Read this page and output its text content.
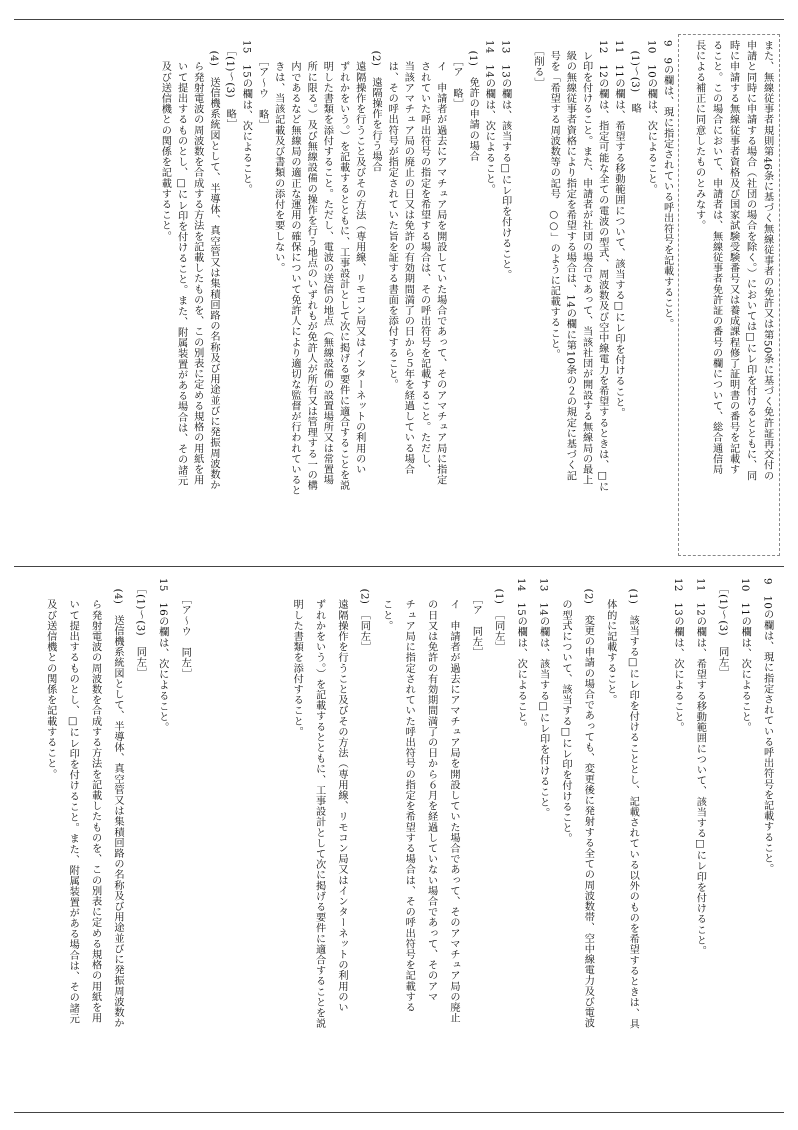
また、無線従事者規則第46条に基づく無線従事者の免許又は第50条に基づく免許証再交付の
申請と同時に申請する場合（社団の場合を除く。）においては□にレ印を付けるとともに、同
時に申請する無線従事者資格及び国家試験受験番号又は養成課程修了証明書の番号を記載す
ること。この場合において、申請者は、無線従事者免許証の番号の欄について、総合通信局
長による補正に同意したものとみなす。
9　9の欄は、現に指定されている呼出符号を記載すること。
10　10の欄は、次によること。
　(1)～(3)　略
11　11の欄は、希望する移動範囲について、該当する□にレ印を付けること。
12　12の欄は、指定可能な全ての電波の型式、周波数及び空中線電力を希望するときは、□に
　レ印を付けること。また、申請者が社団の場合であって、当該社団が開設する無線局の最上
　級の無線従事者資格により指定を希望する場合は、14の欄に第10条の２の規定に基づく記
　号を「希望する周波数等の記号　○○」のように記載すること。
　［削る］
13　13の欄は、該当する□にレ印を付けること。
14　14の欄は、次によること。
　(1)　免許の申請の場合
　　［ア　略］
　　イ　申請者が過去にアマチュア局を開設していた場合であって、そのアマチュア局に指定
　　されていた呼出符号の指定を希望する場合は、その呼出符号を記載すること。ただし、
　　当該アマチュア局の廃止の日又は免許の有効期間満了の日から５年を経過している場合
　　は、その呼出符号が指定されていた旨を証する書面を添付すること。
　(2)　遠隔操作を行う場合
　　遠隔操作を行うこと及びその方法（専用線、リモコン局又はインターネットの利用のい
　　ずれかをいう。）を記載するとともに、工事設計として次に掲げる要件に適合することを説
　　明した書類を添付すること。ただし、電波の送信の地点（無線設備の設置場所又は常置場
　　所に限る。）及び無線設備の操作を行う地点のいずれもが免許人が所有又は管理する一の構
　　内であるなど無線局の適正な運用の確保について免許人により適切な監督が行われていると
　　きは、当該記載及び書類の添付を要しない。
　　［ア～ウ　略］
15　15の欄は、次によること。
　［(1)～(3)　略］
　(4)　送信機系統図として、半導体、真空管又は集積回路の名称及び用途並びに発振周波数か
　　ら発射電波の周波数を合成する方法を記載したものを、この別表に定める規格の用紙を用
　　いて提出するものとし、□にレ印を付けること。また、附属装置がある場合は、その諸元
　　及び送信機との関係を記載すること。
9　10の欄は、現に指定されている呼出符号を記載すること。
10　11の欄は、次によること。
　［(1)～(3)　同左］
11　12の欄は、希望する移動範囲について、該当する□にレ印を付けること。
12　13の欄は、次によること。
　(1)　該当する□にレ印を付けることとし、記載されている以外のものを希望するときは、具
　　体的に記載すること。
　(2)　変更の申請の場合であっても、変更後に発射する全ての周波数帯、空中線電力及び電波
　　の型式について、該当する□にレ印を付けること。
13　14の欄は、該当する□にレ印を付けること。
14　15の欄は、次によること。
　(1)　［同左］
　　［ア　同左］
　　イ　申請者が過去にアマチュア局を開設していた場合であって、そのアマチュア局の廃止
　　の日又は免許の有効期間満了の日から６月を経過していない場合であって、そのアマ
　　チュア局に指定されていた呼出符号の指定を希望する場合は、その呼出符号を記載する
　　こと。
　(2)　［同左］
　　遠隔操作を行うこと及びその方法（専用線、リモコン局又はインターネットの利用のい
　　ずれかをいう。）を記載するとともに、工事設計として次に掲げる要件に適合することを説
　　明した書類を添付すること。
　　［ア～ウ　同左］
15　16の欄は、次によること。
　［(1)～(3)　同左］
　(4)　送信機系統図として、半導体、真空管又は集積回路の名称及び用途並びに発振周波数か
　　ら発射電波の周波数を合成する方法を記載したものを、この別表に定める規格の用紙を用
　　いて提出するものとし、□にレ印を付けること。また、附属装置がある場合は、その諸元
　　及び送信機との関係を記載すること。
